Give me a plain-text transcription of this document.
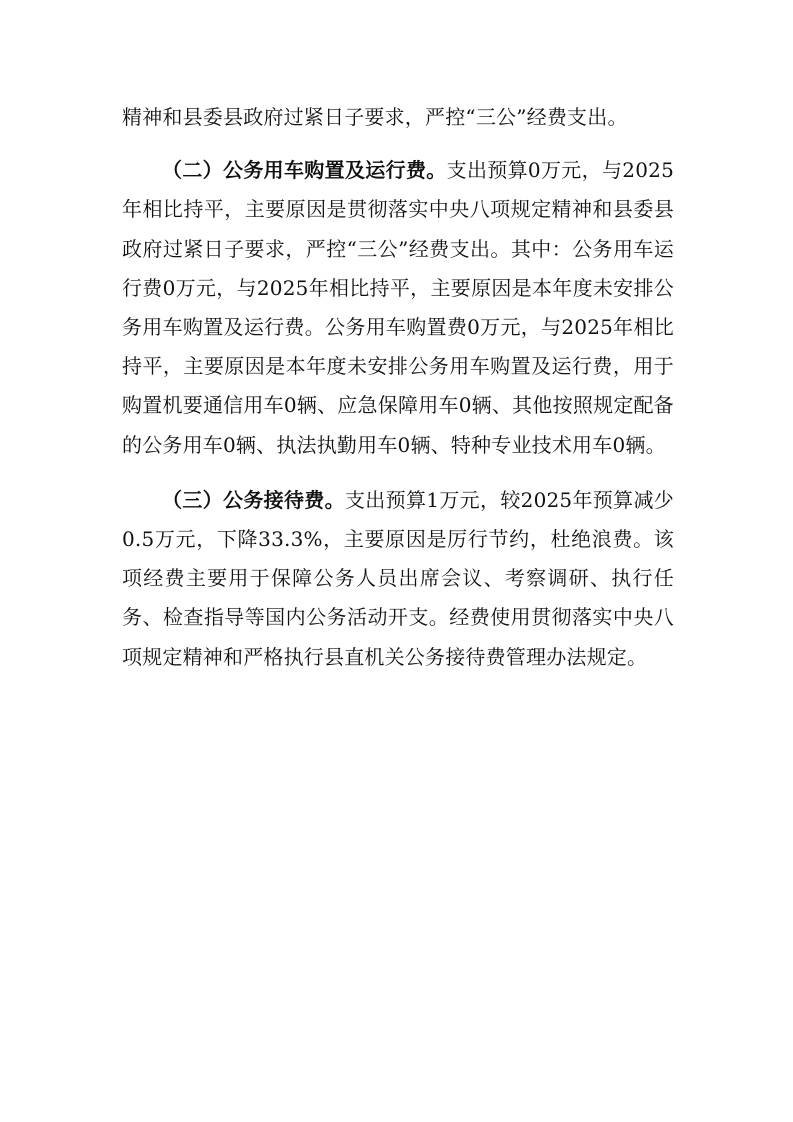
精神和县委县政府过紧日子要求，严控“三公”经费支出。

（二）公务用车购置及运行费。支出预算0万元，与2025年相比持平，主要原因是贯彻落实中央八项规定精神和县委县政府过紧日子要求，严控“三公”经费支出。其中：公务用车运行费0万元，与2025年相比持平，主要原因是本年度未安排公务用车购置及运行费。公务用车购置费0万元，与2025年相比持平，主要原因是本年度未安排公务用车购置及运行费，用于购置机要通信用车0辆、应急保障用车0辆、其他按照规定配备的公务用车0辆、执法执勤用车0辆、特种专业技术用车0辆。

（三）公务接待费。支出预算1万元，较2025年预算减少0.5万元，下降33.3%，主要原因是厉行节约，杜绝浪费。该项经费主要用于保障公务人员出席会议、考察调研、执行任务、检查指导等国内公务活动开支。经费使用贯彻落实中央八项规定精神和严格执行县直机关公务接待费管理办法规定。
